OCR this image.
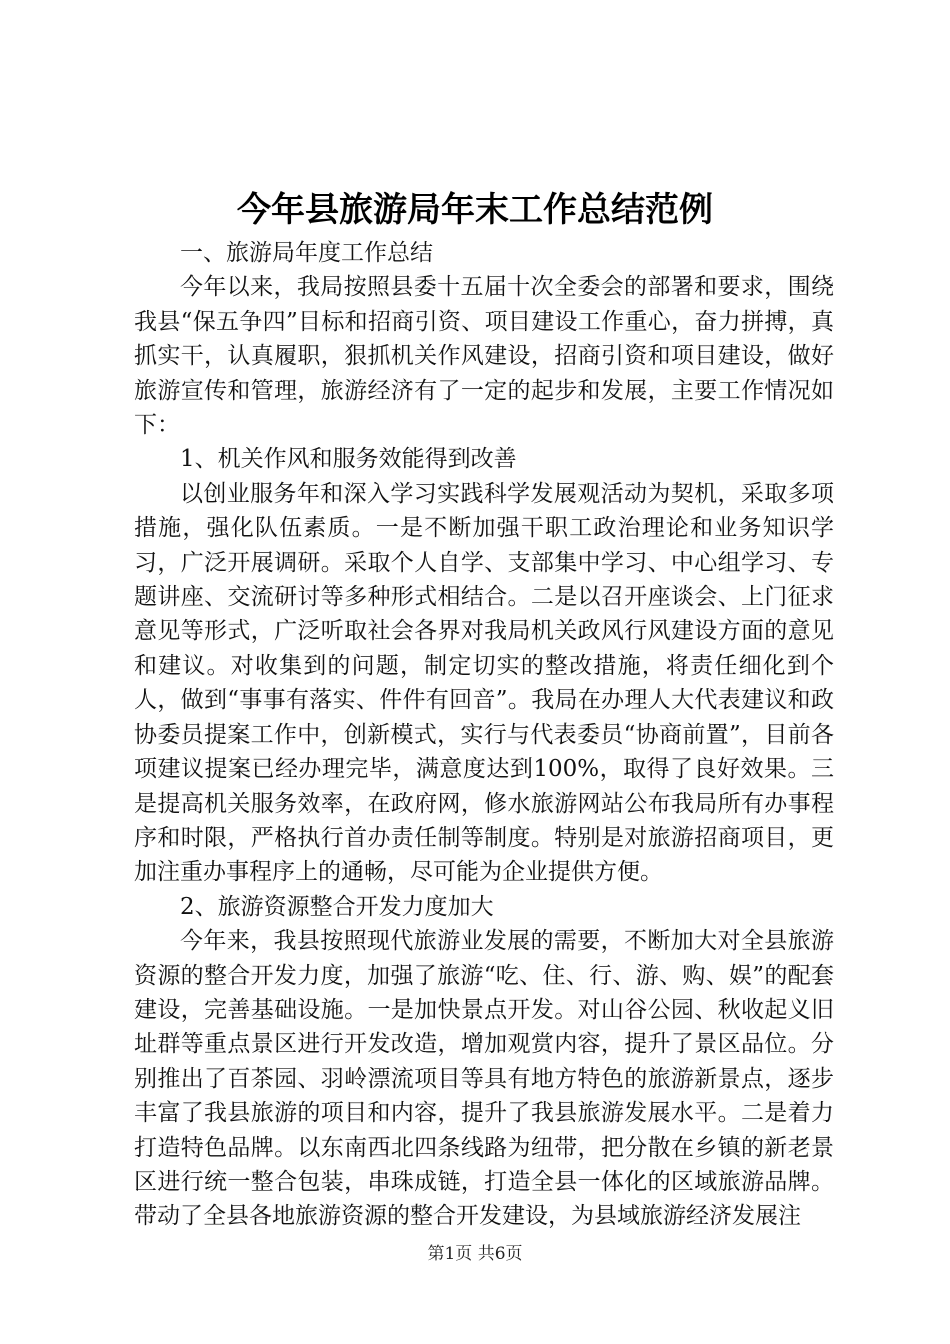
今年县旅游局年末工作总结范例

一、旅游局年度工作总结

今年以来，我局按照县委十五届十次全委会的部署和要求，围绕我县“保五争四”目标和招商引资、项目建设工作重心，奋力拼搏，真抓实干，认真履职，狠抓机关作风建设，招商引资和项目建设，做好旅游宣传和管理，旅游经济有了一定的起步和发展，主要工作情况如下：

1、机关作风和服务效能得到改善

以创业服务年和深入学习实践科学发展观活动为契机，采取多项措施，强化队伍素质。一是不断加强干职工政治理论和业务知识学习，广泛开展调研。采取个人自学、支部集中学习、中心组学习、专题讲座、交流研讨等多种形式相结合。二是以召开座谈会、上门征求意见等形式，广泛听取社会各界对我局机关政风行风建设方面的意见和建议。对收集到的问题，制定切实的整改措施，将责任细化到个人，做到“事事有落实、件件有回音”。我局在办理人大代表建议和政协委员提案工作中，创新模式，实行与代表委员“协商前置”，目前各项建议提案已经办理完毕，满意度达到100%，取得了良好效果。三是提高机关服务效率，在政府网，修水旅游网站公布我局所有办事程序和时限，严格执行首办责任制等制度。特别是对旅游招商项目，更加注重办事程序上的通畅，尽可能为企业提供方便。

2、旅游资源整合开发力度加大

今年来，我县按照现代旅游业发展的需要，不断加大对全县旅游资源的整合开发力度，加强了旅游“吃、住、行、游、购、娱”的配套建设，完善基础设施。一是加快景点开发。对山谷公园、秋收起义旧址群等重点景区进行开发改造，增加观赏内容，提升了景区品位。分别推出了百茶园、羽岭漂流项目等具有地方特色的旅游新景点，逐步丰富了我县旅游的项目和内容，提升了我县旅游发展水平。二是着力打造特色品牌。以东南西北四条线路为纽带，把分散在乡镇的新老景区进行统一整合包装，串珠成链，打造全县一体化的区域旅游品牌。带动了全县各地旅游资源的整合开发建设，为县域旅游经济发展注

第1页 共6页
